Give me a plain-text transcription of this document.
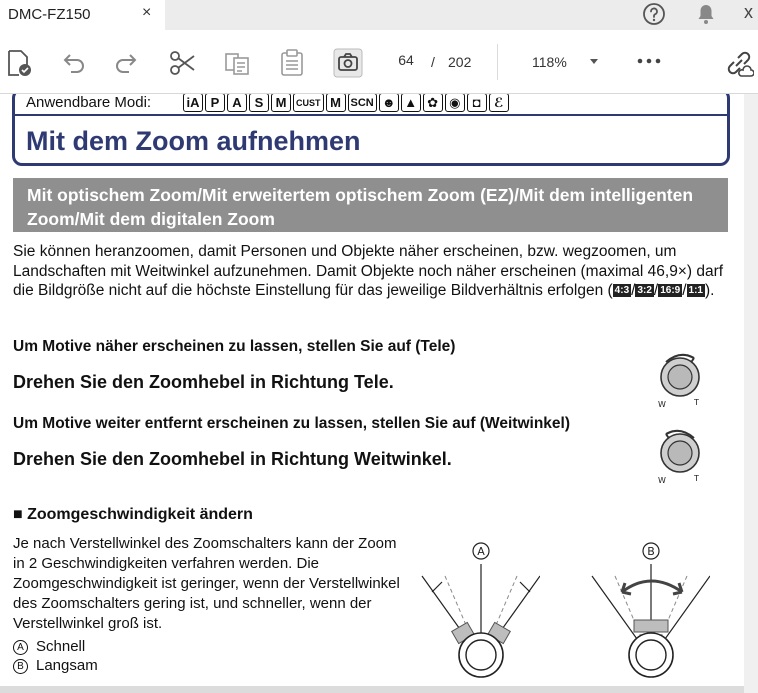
DMC-FZ150	×	x
64	/ 202	118%
Anwendbare Modi:	iA P A S M	CUST M SCN ☻ ▲ ✿ ◉ ◘	ℰ
Mit dem Zoom aufnehmen
Mit optischem Zoom/Mit erweitertem optischem Zoom (EZ)/Mit dem intelligenten Zoom/Mit dem digitalen Zoom
Sie können heranzoomen, damit Personen und Objekte näher erscheinen, bzw. wegzoomen, um Landschaften mit Weitwinkel aufzunehmen. Damit Objekte noch näher erscheinen (maximal 46,9×) darf die Bildgröße nicht auf die höchste Einstellung für das jeweilige Bildverhältnis erfolgen ( 4:3 / 3:2 / 16:9 / 1:1 ).
Um Motive näher erscheinen zu lassen, stellen Sie auf (Tele)
Drehen Sie den Zoomhebel in Richtung Tele.
W	T
Um Motive weiter entfernt erscheinen zu lassen, stellen Sie auf (Weitwinkel)
Drehen Sie den Zoomhebel in Richtung Weitwinkel.
W	T
■ Zoomgeschwindigkeit ändern
Je nach Verstellwinkel des Zoomschalters kann der Zoom in 2 Geschwindigkeiten verfahren werden. Die Zoomgeschwindigkeit ist geringer, wenn der Verstellwinkel des Zoomschalters gering ist, und schneller, wenn der Verstellwinkel groß ist.
A Schnell
B Langsam
A	B
